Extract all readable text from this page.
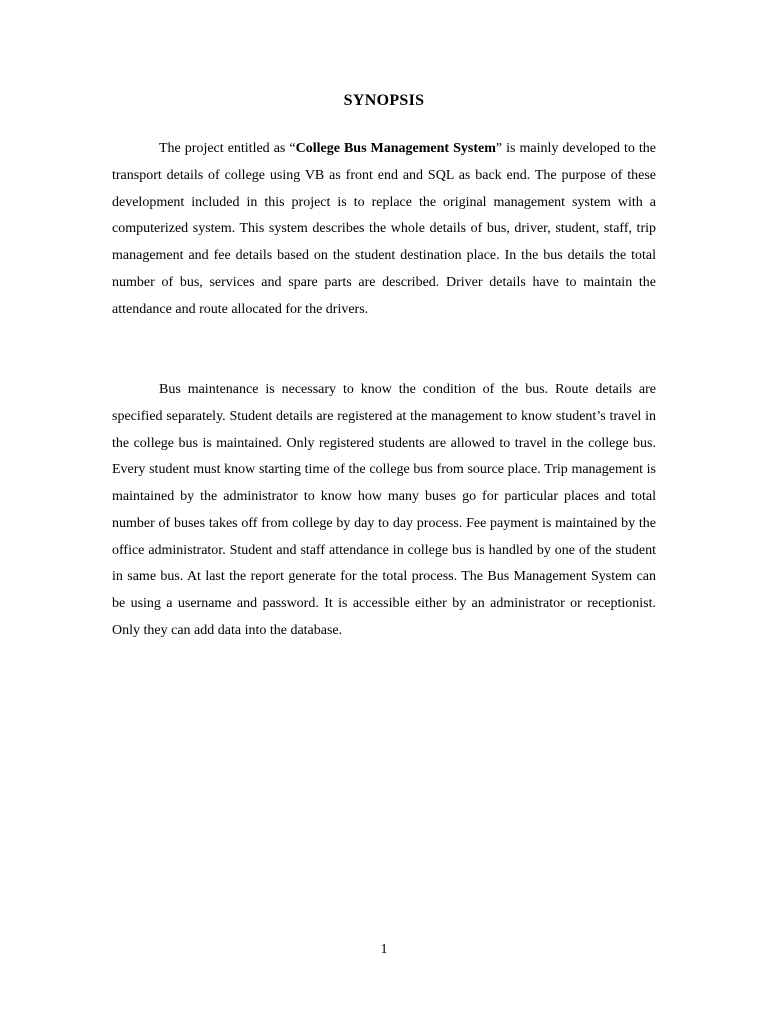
SYNOPSIS

The project entitled as “College Bus Management System” is mainly developed to the transport details of college using VB as front end and SQL as back end. The purpose of these development included in this project is to replace the original management system with a computerized system. This system describes the whole details of bus, driver, student, staff, trip management and fee details based on the student destination place. In the bus details the total number of bus, services and spare parts are described. Driver details have to maintain the attendance and route allocated for the drivers.

Bus maintenance is necessary to know the condition of the bus. Route details are specified separately. Student details are registered at the management to know student’s travel in the college bus is maintained. Only registered students are allowed to travel in the college bus. Every student must know starting time of the college bus from source place. Trip management is maintained by the administrator to know how many buses go for particular places and total number of buses takes off from college by day to day process. Fee payment is maintained by the office administrator. Student and staff attendance in college bus is handled by one of the student in same bus. At last the report generate for the total process. The Bus Management System can be using a username and password. It is accessible either by an administrator or receptionist. Only they can add data into the database.

1
